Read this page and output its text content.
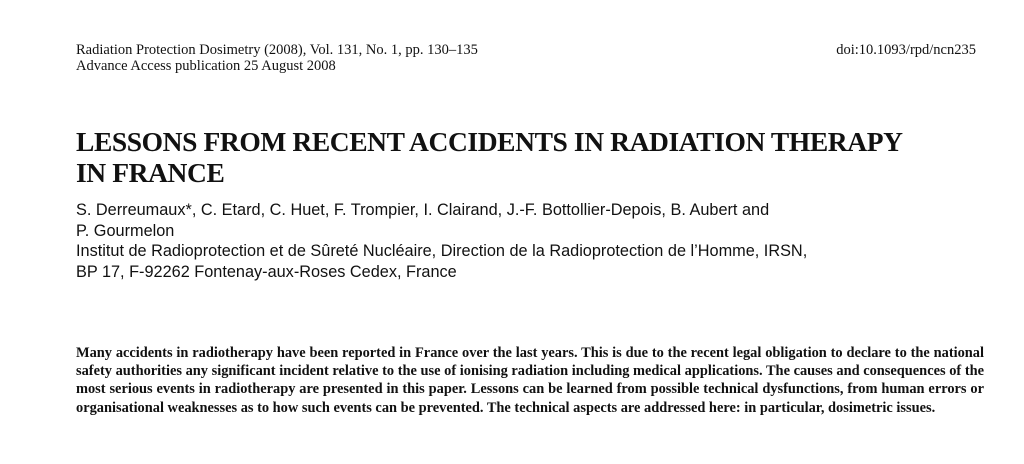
Radiation Protection Dosimetry (2008), Vol. 131, No. 1, pp. 130–135
Advance Access publication 25 August 2008
doi:10.1093/rpd/ncn235
LESSONS FROM RECENT ACCIDENTS IN RADIATION THERAPY
IN FRANCE
S. Derreumaux*, C. Etard, C. Huet, F. Trompier, I. Clairand, J.-F. Bottollier-Depois, B. Aubert and
P. Gourmelon
Institut de Radioprotection et de Sûreté Nucléaire, Direction de la Radioprotection de l’Homme, IRSN,
BP 17, F-92262 Fontenay-aux-Roses Cedex, France

Many accidents in radiotherapy have been reported in France over the last years. This is due to the recent legal obligation to declare to the national safety authorities any significant incident relative to the use of ionising radiation including medical applications. The causes and consequences of the most serious events in radiotherapy are presented in this paper. Lessons can be learned from possible technical dysfunctions, from human errors or organisational weaknesses as to how such events can be prevented. The technical aspects are addressed here: in particular, dosimetric issues.
